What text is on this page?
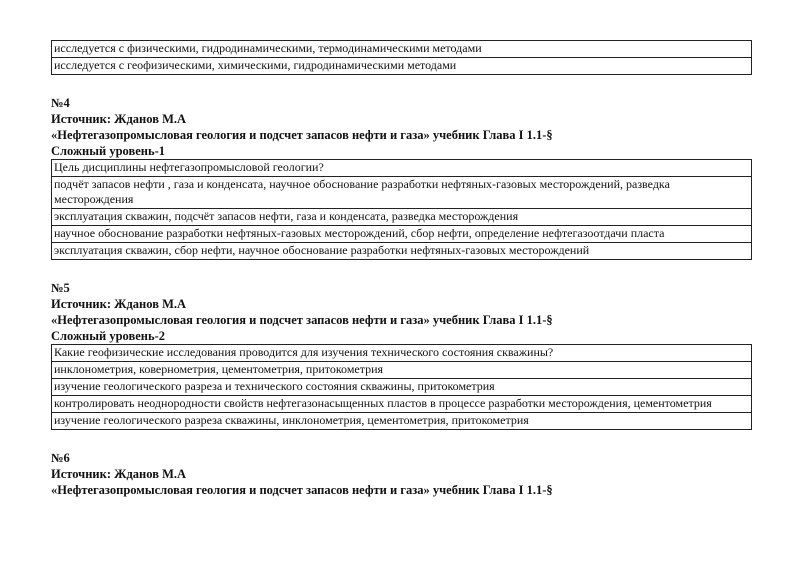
исследуется с физическими, гидродинамическими, термодинамическими методами
исследуется с геофизическими, химическими, гидродинамическими методами

№4

Источник: Жданов М.А

«Нефтегазопромысловая геология и подсчет запасов нефти и газа» учебник Глава I 1.1-§

Сложный уровень-1

Цель дисциплины нефтегазопромысловой геологии?
подчёт запасов нефти , газа и конденсата, научное обоснование разработки нефтяных-газовых месторождений, разведка месторождения
эксплуатация скважин, подсчёт запасов нефти, газа и конденсата, разведка месторождения
научное обоснование разработки нефтяных-газовых месторождений, сбор нефти, определение нефтегазоотдачи пласта
эксплуатация скважин, сбор нефти, научное обоснование разработки нефтяных-газовых месторождений

№5

Источник: Жданов М.А

«Нефтегазопромысловая геология и подсчет запасов нефти и газа» учебник Глава I 1.1-§

Сложный уровень-2

Какие геофизические исследования проводится для изучения технического состояния скважины?
инклонометрия, ковернометрия, цементометрия, притокометрия
изучение геологического разреза и технического состояния скважины, притокометрия
контролировать неоднородности свойств нефтегазонасыщенных пластов в процессе разработки месторождения, цементометрия
изучение геологического разреза скважины, инклонометрия, цементометрия, притокометрия

№6

Источник: Жданов М.А

«Нефтегазопромысловая геология и подсчет запасов нефти и газа» учебник Глава I 1.1-§
